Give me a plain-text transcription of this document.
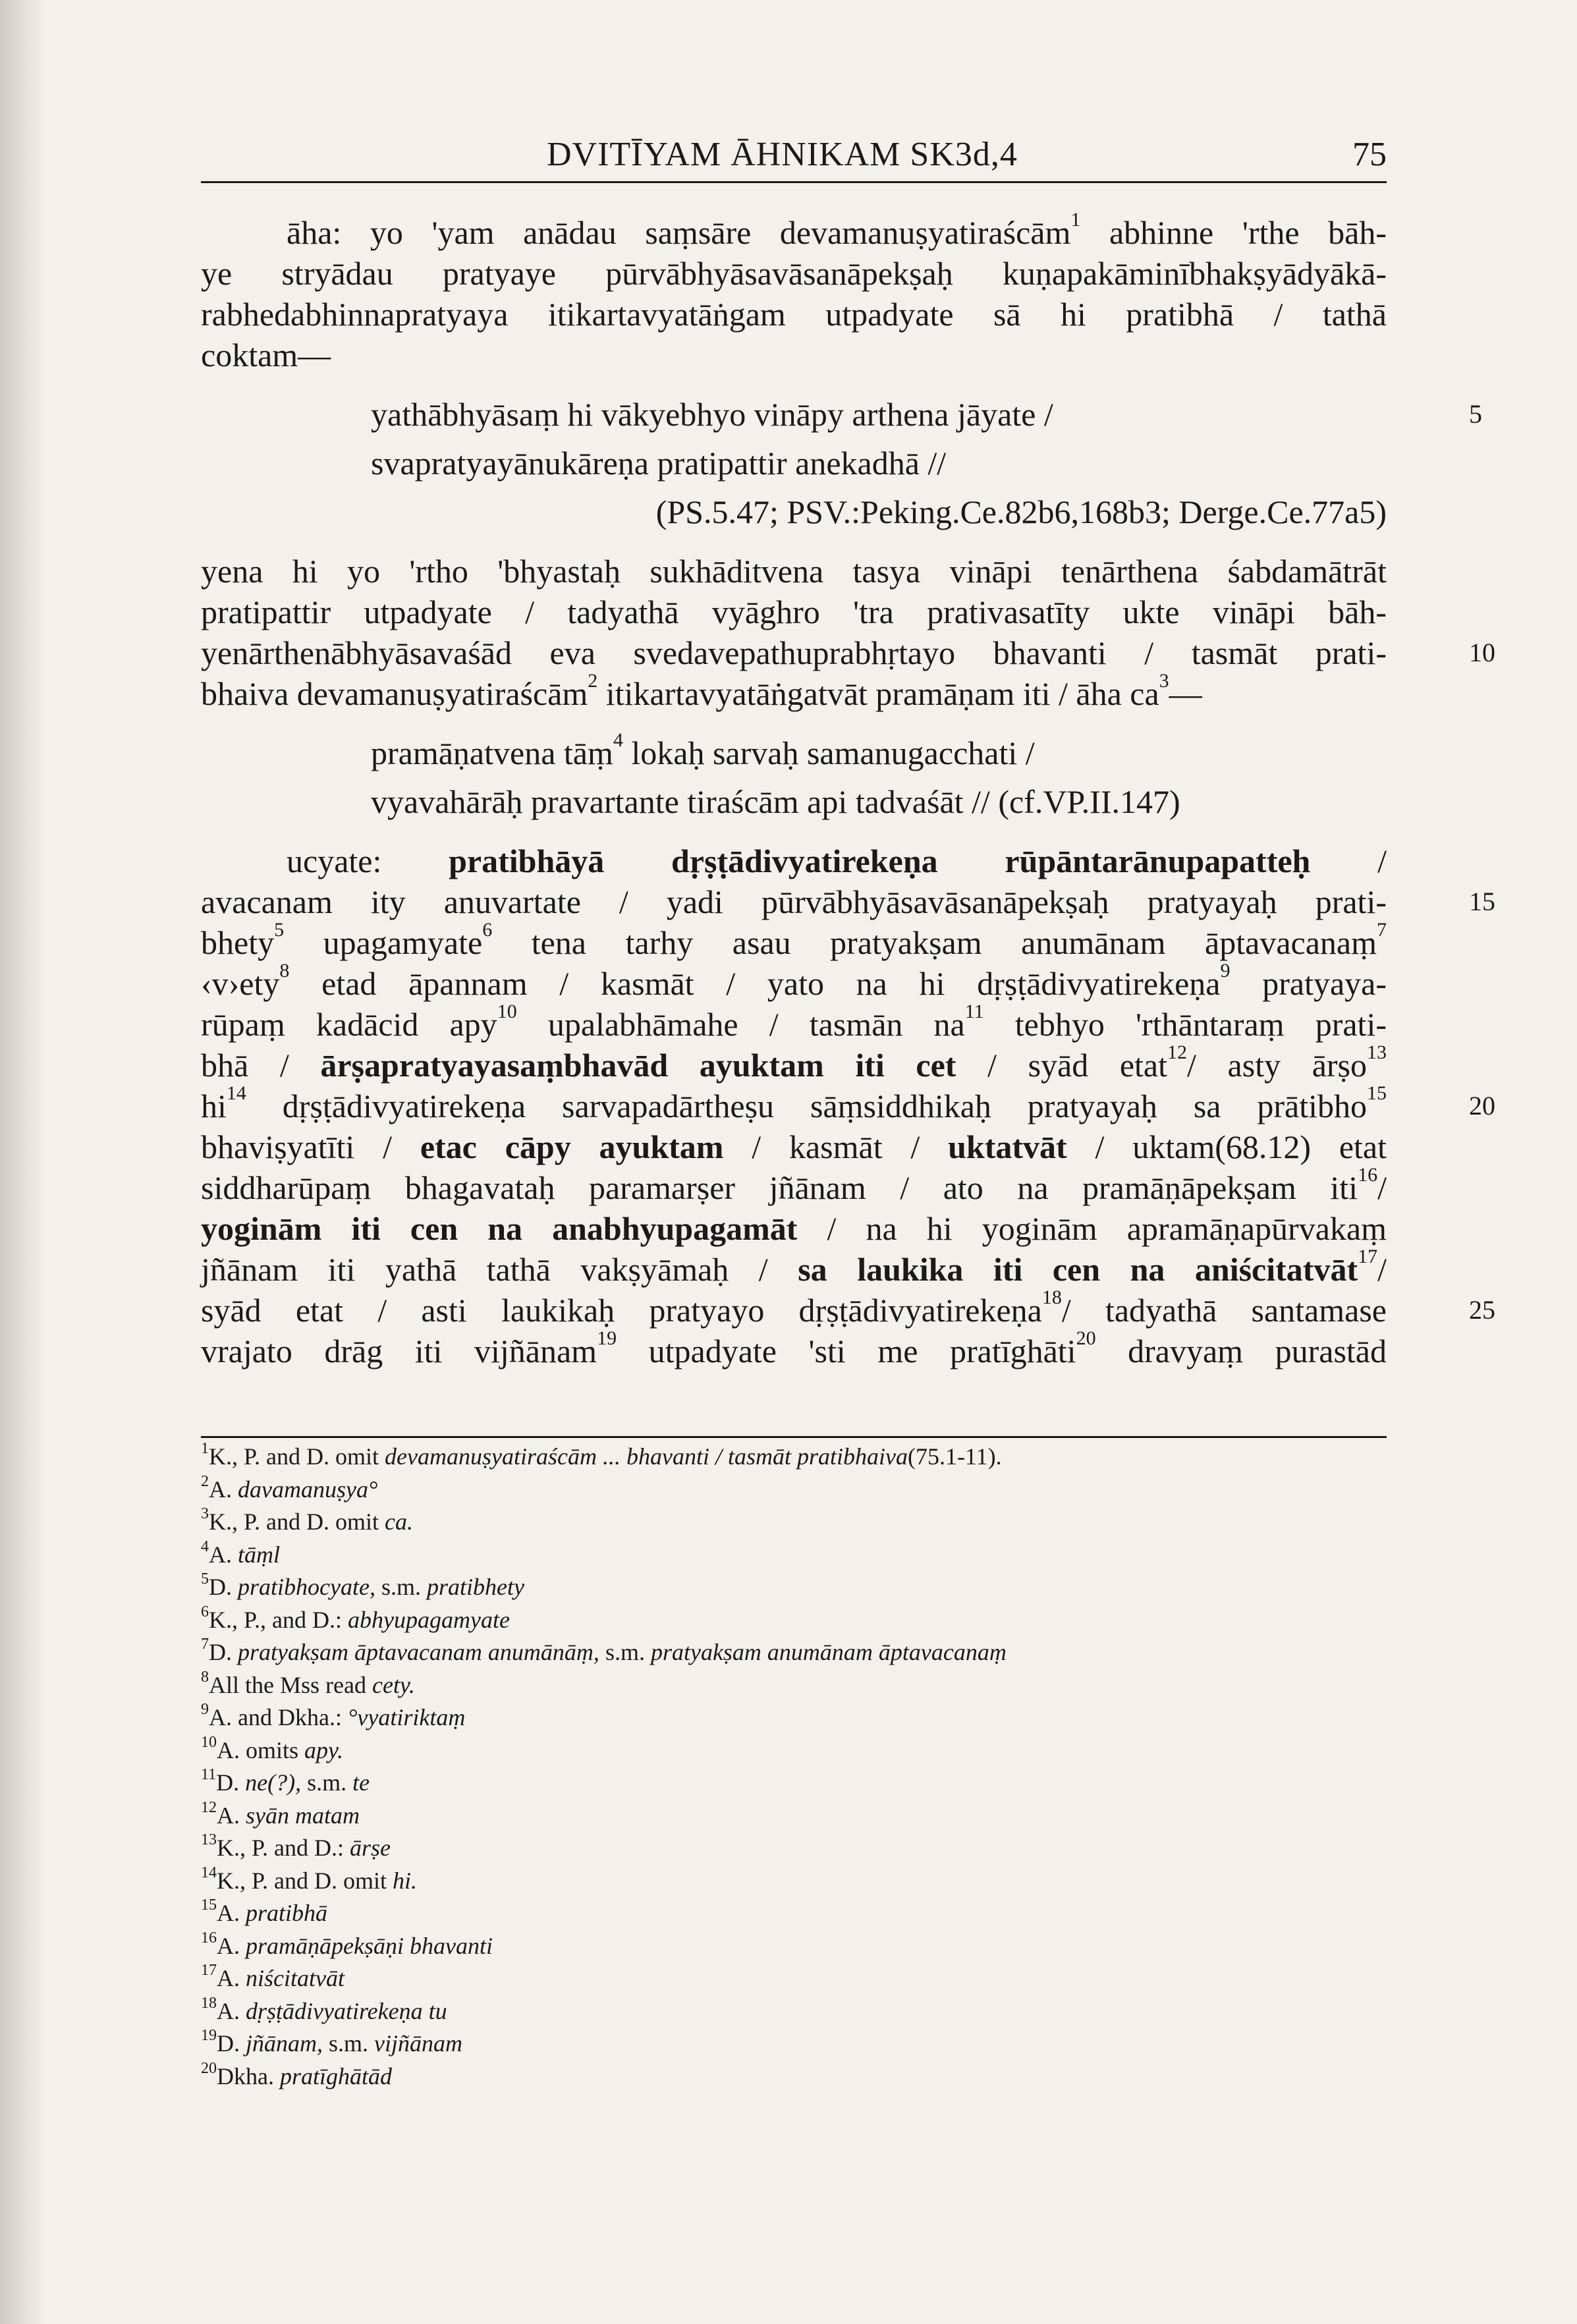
DVITĪYAM ĀHNIKAM SK3d,4	75
āha: yo 'yam anādau saṃsāre devamanuṣyatiraścām$^1$ abhinne 'rthe bāh-
ye stryādau pratyaye pūrvābhyāsavāsanāpekṣaḥ kuṇapakāminībhakṣyādyākā-
rabhedabhinnapratyaya itikartavyatāṅgam utpadyate sā hi pratibhā / tathā
coktam—
yathābhyāsaṃ hi vākyebhyo vināpy arthena jāyate /	5
svapratyayānukāreṇa pratipattir anekadhā //
(PS.5.47; PSV.:Peking.Ce.82b6,168b3; Derge.Ce.77a5)
yena hi yo 'rtho 'bhyastaḥ sukhāditvena tasya vināpi tenārthena śabdamātrāt
pratipattir utpadyate / tadyathā vyāghro 'tra prativasatīty ukte vināpi bāh-
yenārthenābhyāsavaśād eva svedavepathuprabhṛtayo bhavanti / tasmāt prati-	10
bhaiva devamanuṣyatiraścām$^2$ itikartavyatāṅgatvāt pramāṇam iti / āha $ca^3—$
pramāṇatvena tāṃ$^4$ lokaḥ sarvaḥ samanugacchati /
vyavahārāḥ pravartante tiraścām api tadvaśāt // (cf.VP.II.147)
ucyate: pratibhāyā dṛṣṭādivyatirekeṇa rūpāntarānupapatteḥ /
avacanam ity anuvartate / yadi pūrvābhyāsavāsanāpekṣaḥ pratyayaḥ prati-	15
bhety$^5$ upagamyate$^6$ tena tarhy asau pratyakṣam anumānam āptavacanaṃ$^7$
‹v›ety$^8$ etad āpannam / kasmāt / yato na hi dṛṣṭādivyatirekeṇa$^9$ pratyaya-
rūpaṃ kadācid apy$^{10}$ upalabhāmahe / tasmān $na^{11}$ tebhyo 'rthāntaraṃ prati-
bhā / ārṣapratyayasaṃbhavād ayuktam iti cet / syād etat$^{12}$/ asty ārṣo$^{13}$
$hi^{14}$ dṛṣṭādivyatirekeṇa sarvapadārtheṣu sāṃsiddhikaḥ pratyayaḥ sa prātibho$^{15}$	20
bhaviṣyatīti / etac cāpy ayuktam / kasmāt / uktatvāt / uktam(68.12) etat
siddharūpaṃ bhagavataḥ paramarṣer jñānam / ato na pramāṇāpekṣam iti$^{16}$/
yoginām iti cen na anabhyupagamāt / na hi yoginām apramāṇapūrvakaṃ
jñānam iti yathā tathā vakṣyāmaḥ / sa laukika iti cen na aniścitatvāt$^{17}$/
syād etat / asti laukikaḥ pratyayo dṛṣṭādivyatirekeṇa$^{18}$/ tadyathā santamase	25
vrajato drāg iti vijñānam$^{19}$ utpadyate 'sti me pratīghāti$^{20}$ dravyaṃ purastād
$^1$K., P. and D. omit devamanuṣyatiraścām ... bhavanti / tasmāt pratibhaiva(75.1-11).
$^2$A. davamanuṣya°
$^3$K., P. and D. omit ca.
$^4$A. tāṃl
$^5$D. pratibhocyate, s.m. pratibhety
$^6$K., P., and D.: abhyupagamyate
$^7$D. pratyakṣam āptavacanam anumānāṃ, s.m. pratyakṣam anumānam āptavacanaṃ
$^8$All the Mss read cety.
$^9$A. and Dkha.: °vyatiriktaṃ
$^{10}$A. omits apy.
$^{11}$D. ne(?), s.m. te
$^{12}$A. syān matam
$^{13}$K., P. and D.: ārṣe
$^{14}$K., P. and D. omit hi.
$^{15}$A. pratibhā
$^{16}$A. pramāṇāpekṣāṇi bhavanti
$^{17}$A. niścitatvāt
$^{18}$A. dṛṣṭādivyatirekeṇa tu
$^{19}$D. jñānam, s.m. vijñānam
$^{20}$Dkha. pratīghātād
